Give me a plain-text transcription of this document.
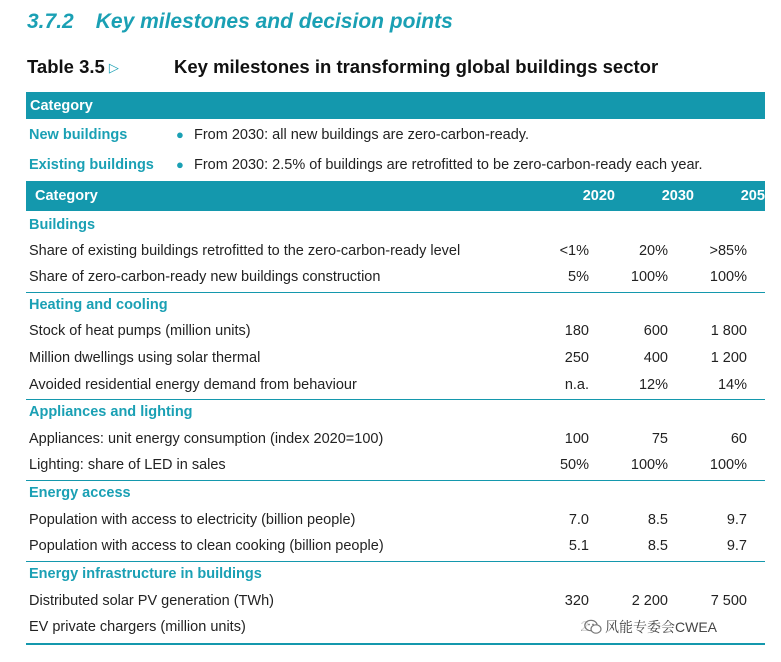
3.7.2 Key milestones and decision points
Table 3.5 ▷	Key milestones in transforming global buildings sector
Category
New buildings	● From 2030: all new buildings are zero-carbon-ready.
Existing buildings ● From 2030: 2.5% of buildings are retrofitted to be zero-carbon-ready each year.
Category	2020	2030	2050
Buildings
Share of existing buildings retrofitted to the zero-carbon-ready level	<1%	20%	>85%
Share of zero-carbon-ready new buildings construction	5%	100%	100%
Heating and cooling
Stock of heat pumps (million units)	180	600	1 800
Million dwellings using solar thermal	250	400	1 200
Avoided residential energy demand from behaviour	n.a.	12%	14%
Appliances and lighting
Appliances: unit energy consumption (index 2020=100)	100	75	60
Lighting: share of LED in sales	50%	100%	100%
Energy access
Population with access to electricity (billion people)	7.0	8.5	9.7
Population with access to clean cooking (billion people)	5.1	8.5	9.7
Energy infrastructure in buildings
Distributed solar PV generation (TWh)	320	2 200	7 500
EV private chargers (million units)	风能专委会CWEA
